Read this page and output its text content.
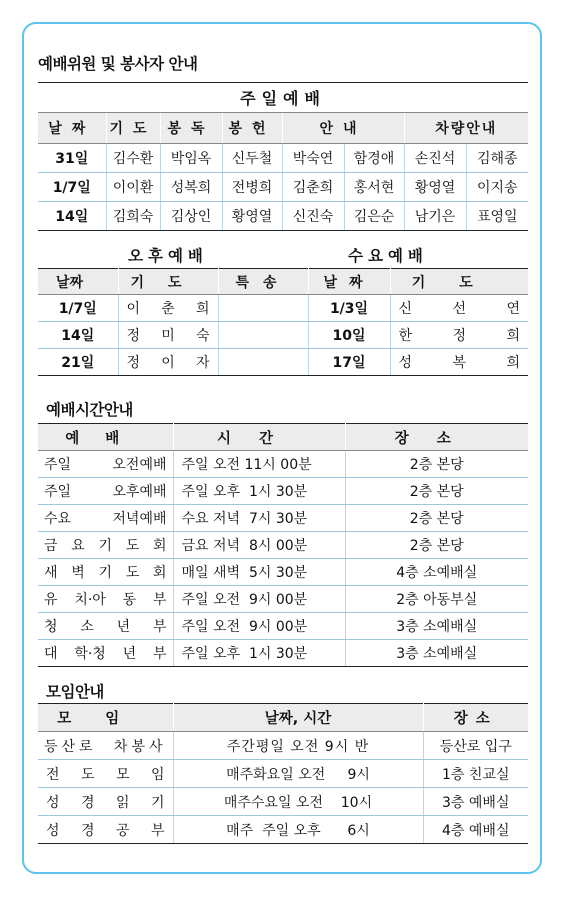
예배위원 및 봉사자 안내
주일예배							
날짜	기도	봉독	봉헌	안내		차량안내	
31일	김수환	박임옥	신두철	박숙연	함경애	손진석	김해종
1/7일	이이환	성복희	전병희	김춘희	홍서현	황영열	이지송
14일	김희숙	김상인	황영열	신진숙	김은순	남기은	표영일
오후예배	수요예배
날짜	기도	특송	날짜	기도
1/7일	이 춘 희		1/3일	신 선 연

14일	정 미 숙		10일	한 정 희

21일	정 이 자		17일	성 복 희
예배시간안내
예배	시간	장소

주일 오전예배	주일 오전 11시 00분	2층 본당

주일 오후예배	주일 오후  1시 30분	2층 본당

수요 저녁예배	수요 저녁  7시 30분	2층 본당

금 요 기 도 회	금요 저녁  8시 00분	2층 본당

새 벽 기 도 회	매일 새벽  5시 30분	4층 소예배실

유 치·아 동 부	주일 오전  9시 00분	2층 아동부실

청 소 년 부	주일 오전  9시 00분	3층 소예배실

대 학·청 년 부	주일 오후  1시 30분	3층 소예배실
모임안내
모임	날짜, 시간	장소

등산로 차봉사	주간평일 오전 9시 반	등산로 입구

전 도 모 임	매주화요일 오전     9시	1층 친교실

성 경 읽 기	매주수요일 오전    10시	3층 예배실

성 경 공 부	매주  주일 오후      6시	4층 예배실
